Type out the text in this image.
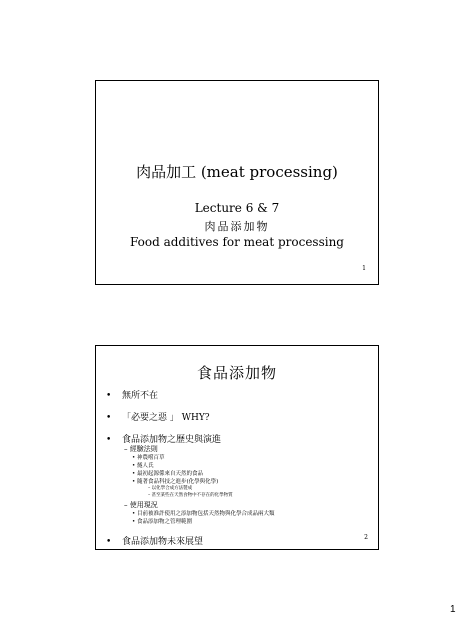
肉品加工 (meat processing)
Lecture 6 & 7
肉品添加物
Food additives for meat processing
1
食品添加物
• 無所不在
• 「必要之惡 」 WHY?
• 食品添加物之歷史與演進
– 經驗法則
• 神農嚐百草
• 燧人氏
• 最初起源係來自天然的食品
• 隨著食品科技之進步(化學與化學)
– 以化學合成方法製成
– 甚至某些在天然食物中不存在的化學物質
– 使用現況
• 目前被准許使用之添加物包括天然物與化學合成品兩大類
• 食品添加物之管理範圍
• 食品添加物未來展望	2
1
